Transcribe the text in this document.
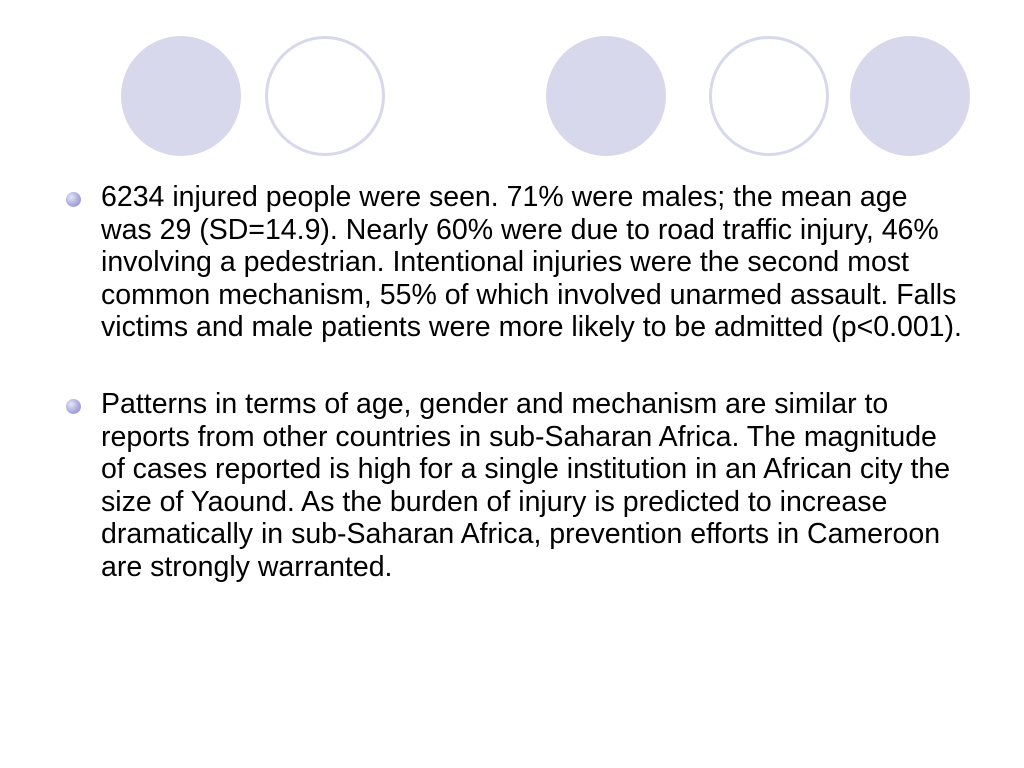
6234 injured people were seen. 71% were males; the mean age was 29 (SD=14.9). Nearly 60% were due to road traffic injury, 46% involving a pedestrian. Intentional injuries were the second most common mechanism, 55% of which involved unarmed assault. Falls victims and male patients were more likely to be admitted (p<0.001).
Patterns in terms of age, gender and mechanism are similar to reports from other countries in sub-Saharan Africa. The magnitude of cases reported is high for a single institution in an African city the size of Yaound. As the burden of injury is predicted to increase dramatically in sub-Saharan Africa, prevention efforts in Cameroon are strongly warranted.
